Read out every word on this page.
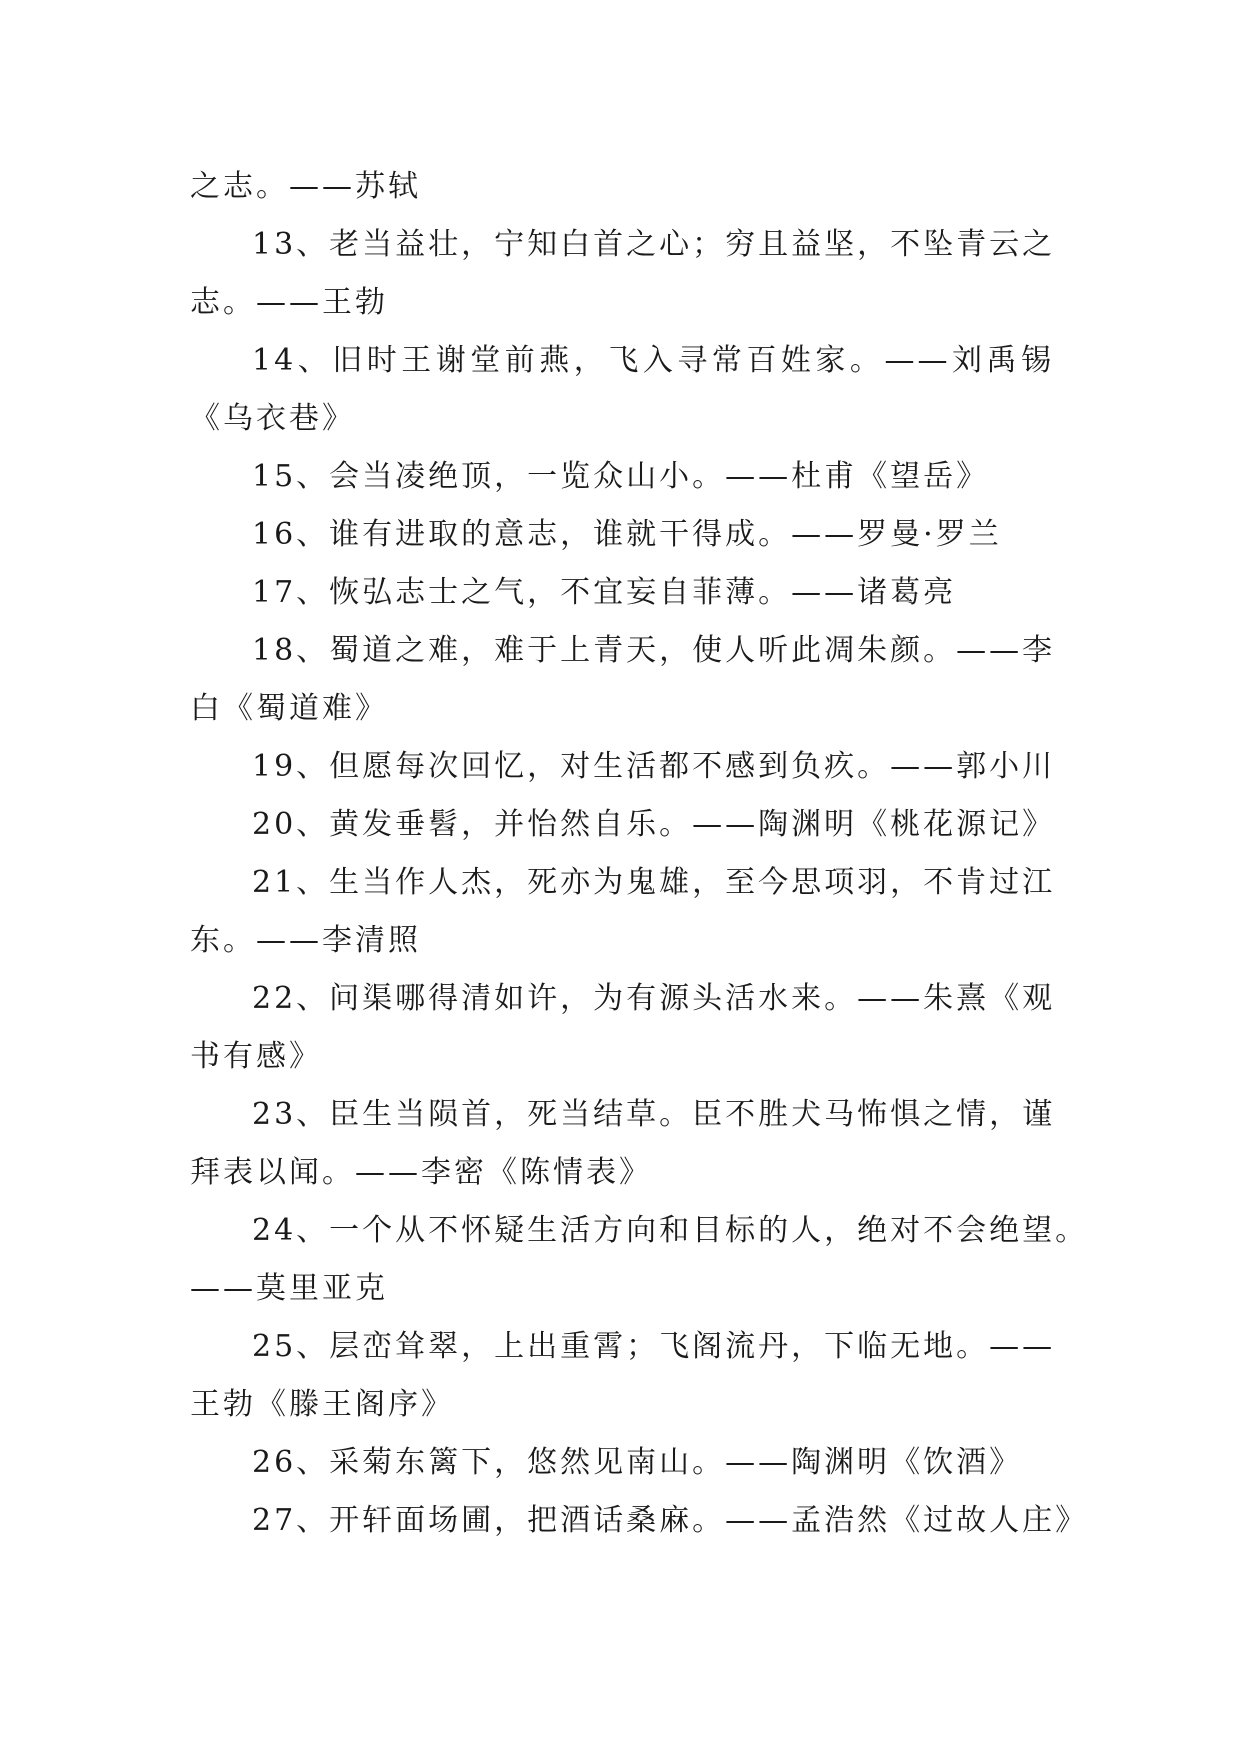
之志。——苏轼
13、老当益壮，宁知白首之心；穷且益坚，不坠青云之
志。——王勃
14、旧时王谢堂前燕，飞入寻常百姓家。——刘禹锡
《乌衣巷》
15、会当凌绝顶，一览众山小。——杜甫《望岳》
16、谁有进取的意志，谁就干得成。——罗曼·罗兰
17、恢弘志士之气，不宜妄自菲薄。——诸葛亮
18、蜀道之难，难于上青天，使人听此凋朱颜。——李
白《蜀道难》
19、但愿每次回忆，对生活都不感到负疚。——郭小川
20、黄发垂髫，并怡然自乐。——陶渊明《桃花源记》
21、生当作人杰，死亦为鬼雄，至今思项羽，不肯过江
东。——李清照
22、问渠哪得清如许，为有源头活水来。——朱熹《观
书有感》
23、臣生当陨首，死当结草。臣不胜犬马怖惧之情，谨
拜表以闻。——李密《陈情表》
24、一个从不怀疑生活方向和目标的人，绝对不会绝望。
——莫里亚克
25、层峦耸翠，上出重霄；飞阁流丹，下临无地。——
王勃《滕王阁序》
26、采菊东篱下，悠然见南山。——陶渊明《饮酒》
27、开轩面场圃，把酒话桑麻。——孟浩然《过故人庄》
